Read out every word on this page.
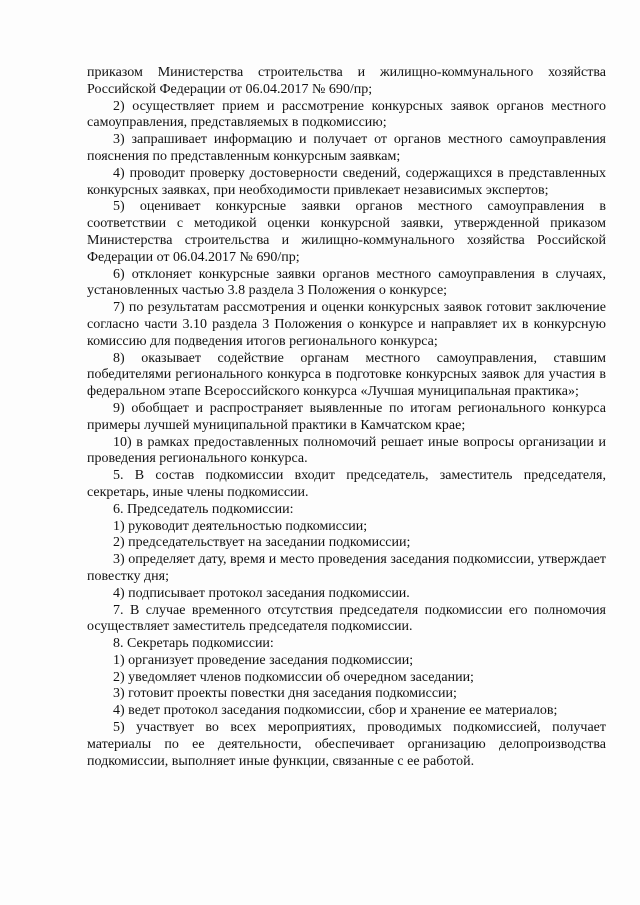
приказом Министерства строительства и жилищно-коммунального хозяйства Российской Федерации от 06.04.2017 № 690/пр;

2) осуществляет прием и рассмотрение конкурсных заявок органов местного самоуправления, представляемых в подкомиссию;

3) запрашивает информацию и получает от органов местного самоуправления пояснения по представленным конкурсным заявкам;

4) проводит проверку достоверности сведений, содержащихся в представленных конкурсных заявках, при необходимости привлекает независимых экспертов;

5) оценивает конкурсные заявки органов местного самоуправления в соответствии с методикой оценки конкурсной заявки, утвержденной приказом Министерства строительства и жилищно-коммунального хозяйства Российской Федерации от 06.04.2017 № 690/пр;

6) отклоняет конкурсные заявки органов местного самоуправления в случаях, установленных частью 3.8 раздела 3 Положения о конкурсе;

7) по результатам рассмотрения и оценки конкурсных заявок готовит заключение согласно части 3.10 раздела 3 Положения о конкурсе и направляет их в конкурсную комиссию для подведения итогов регионального конкурса;

8) оказывает содействие органам местного самоуправления, ставшим победителями регионального конкурса в подготовке конкурсных заявок для участия в федеральном этапе Всероссийского конкурса «Лучшая муниципальная практика»;

9) обобщает и распространяет выявленные по итогам регионального конкурса примеры лучшей муниципальной практики в Камчатском крае;

10) в рамках предоставленных полномочий решает иные вопросы организации и проведения регионального конкурса.

5. В состав подкомиссии входит председатель, заместитель председателя, секретарь, иные члены подкомиссии.

6. Председатель подкомиссии:

1) руководит деятельностью подкомиссии;

2) председательствует на заседании подкомиссии;

3) определяет дату, время и место проведения заседания подкомиссии, утверждает повестку дня;

4) подписывает протокол заседания подкомиссии.

7. В случае временного отсутствия председателя подкомиссии его полномочия осуществляет заместитель председателя подкомиссии.

8. Секретарь подкомиссии:

1) организует проведение заседания подкомиссии;

2) уведомляет членов подкомиссии об очередном заседании;

3) готовит проекты повестки дня заседания подкомиссии;

4) ведет протокол заседания подкомиссии, сбор и хранение ее материалов;

5) участвует во всех мероприятиях, проводимых подкомиссией, получает материалы по ее деятельности, обеспечивает организацию делопроизводства подкомиссии, выполняет иные функции, связанные с ее работой.
